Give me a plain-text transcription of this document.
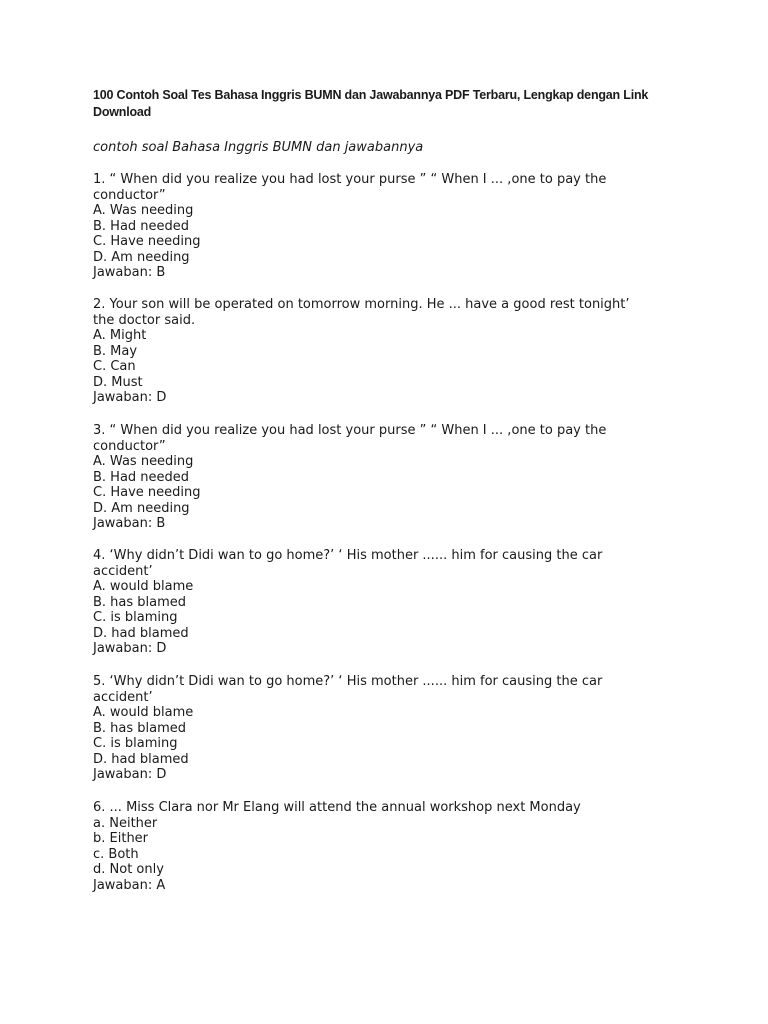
100 Contoh Soal Tes Bahasa Inggris BUMN dan Jawabannya PDF Terbaru, Lengkap dengan Link Download

contoh soal Bahasa Inggris BUMN dan jawabannya

1. “ When did you realize you had lost your purse ” “ When I ... ,one to pay the conductor”

A. Was needing

B. Had needed

C. Have needing

D. Am needing

Jawaban: B

2. Your son will be operated on tomorrow morning. He ... have a good rest tonight’ the doctor said.

A. Might

B. May

C. Can

D. Must

Jawaban: D

3. “ When did you realize you had lost your purse ” “ When I ... ,one to pay the conductor”

A. Was needing

B. Had needed

C. Have needing

D. Am needing

Jawaban: B

4. ‘Why didn’t Didi wan to go home?’ ‘ His mother ...... him for causing the car accident’

A. would blame

B. has blamed

C. is blaming

D. had blamed

Jawaban: D

5. ‘Why didn’t Didi wan to go home?’ ‘ His mother ...... him for causing the car accident’

A. would blame

B. has blamed

C. is blaming

D. had blamed

Jawaban: D

6. ... Miss Clara nor Mr Elang will attend the annual workshop next Monday

a. Neither

b. Either

c. Both

d. Not only

Jawaban: A
